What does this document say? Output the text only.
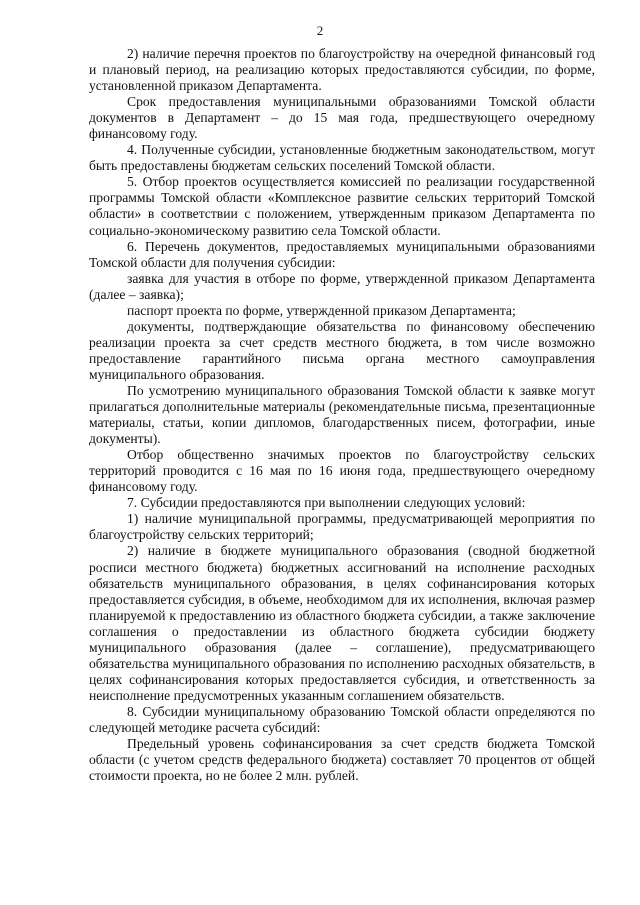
2

2) наличие перечня проектов по благоустройству на очередной финансовый год и плановый период, на реализацию которых предоставляются субсидии, по форме, установленной приказом Департамента.

Срок предоставления муниципальными образованиями Томской области документов в Департамент – до 15 мая года, предшествующего очередному финансовому году.

4. Полученные субсидии, установленные бюджетным законодательством, могут быть предоставлены бюджетам сельских поселений Томской области.

5. Отбор проектов осуществляется комиссией по реализации государственной программы Томской области «Комплексное развитие сельских территорий Томской области» в соответствии с положением, утвержденным приказом Департамента по социально-экономическому развитию села Томской области.

6. Перечень документов, предоставляемых муниципальными образованиями Томской области для получения субсидии:

заявка для участия в отборе по форме, утвержденной приказом Департамента (далее – заявка);

паспорт проекта по форме, утвержденной приказом Департамента;

документы, подтверждающие обязательства по финансовому обеспечению реализации проекта за счет средств местного бюджета, в том числе возможно предоставление гарантийного письма органа местного самоуправления муниципального образования.

По усмотрению муниципального образования Томской области к заявке могут прилагаться дополнительные материалы (рекомендательные письма, презентационные материалы, статьи, копии дипломов, благодарственных писем, фотографии, иные документы).

Отбор общественно значимых проектов по благоустройству сельских территорий проводится с 16 мая по 16 июня года, предшествующего очередному финансовому году.

7. Субсидии предоставляются при выполнении следующих условий:

1) наличие муниципальной программы, предусматривающей мероприятия по благоустройству сельских территорий;

2) наличие в бюджете муниципального образования (сводной бюджетной росписи местного бюджета) бюджетных ассигнований на исполнение расходных обязательств муниципального образования, в целях софинансирования которых предоставляется субсидия, в объеме, необходимом для их исполнения, включая размер планируемой к предоставлению из областного бюджета субсидии, а также заключение соглашения о предоставлении из областного бюджета субсидии бюджету муниципального образования (далее – соглашение), предусматривающего обязательства муниципального образования по исполнению расходных обязательств, в целях софинансирования которых предоставляется субсидия, и ответственность за неисполнение предусмотренных указанным соглашением обязательств.

8. Субсидии муниципальному образованию Томской области определяются по следующей методике расчета субсидий:

Предельный уровень софинансирования за счет средств бюджета Томской области (с учетом средств федерального бюджета) составляет 70 процентов от общей стоимости проекта, но не более 2 млн. рублей.
